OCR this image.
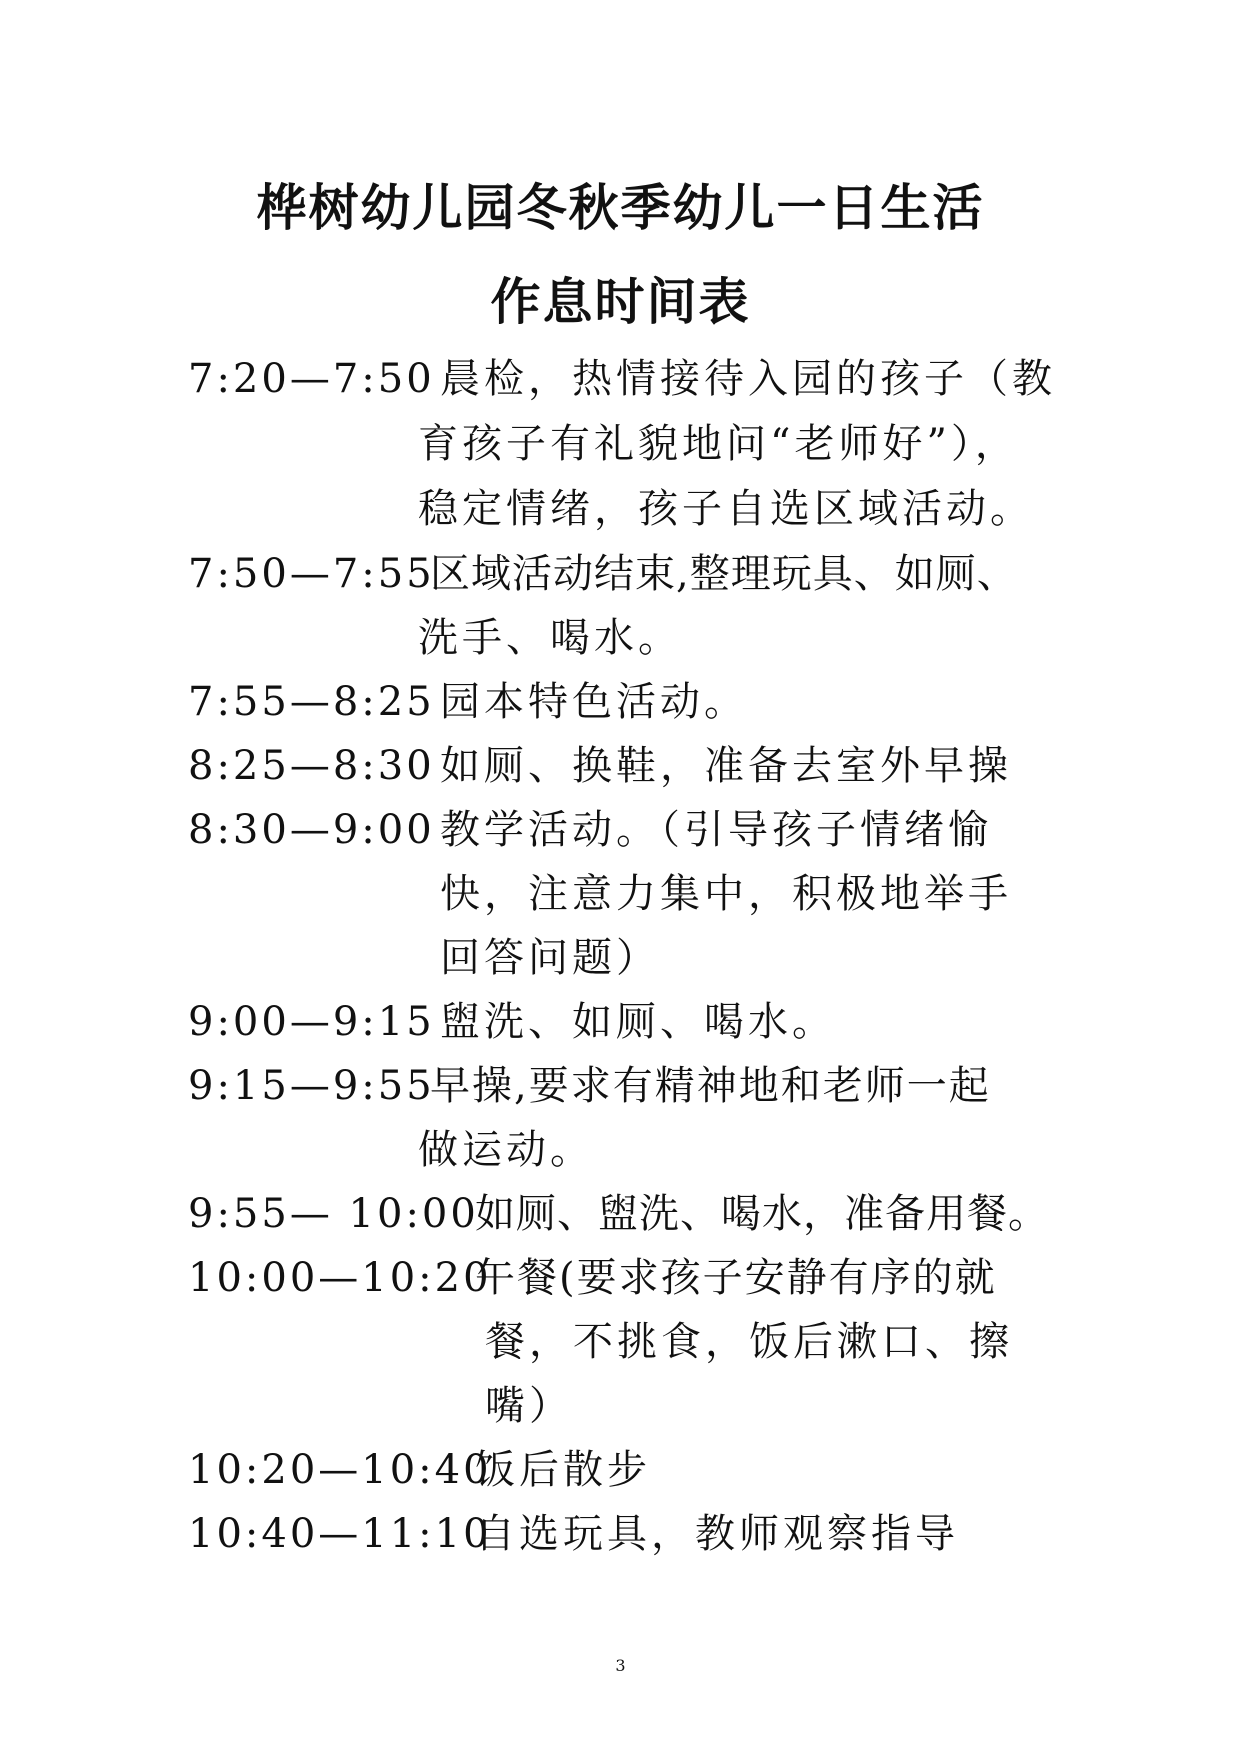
桦树幼儿园冬秋季幼儿一日生活
作息时间表
7:20—7:50 晨检，热情接待入园的孩子（教
育孩子有礼貌地问“老师好”），
稳定情绪，孩子自选区域活动。
7:50—7:55
区域活动结束,整理玩具、如厕、
洗手、喝水。
7:55—8:25 园本特色活动。
8:25—8:30 如厕、换鞋，准备去室外早操
8:30—9:00 教学活动。（引导孩子情绪愉
快，注意力集中，积极地举手
回答问题）
9:00—9:15 盥洗、如厕、喝水。
9:15—9:55
早操,要求有精神地和老师一起
做运动。
9:55— 10:00
如厕、盥洗、喝水，准备用餐。
10:00—10:20
午餐(要求孩子安静有序的就
餐，不挑食，饭后漱口、擦
嘴）
10:20—10:40
饭后散步
10:40—11:10
自选玩具，教师观察指导
3
